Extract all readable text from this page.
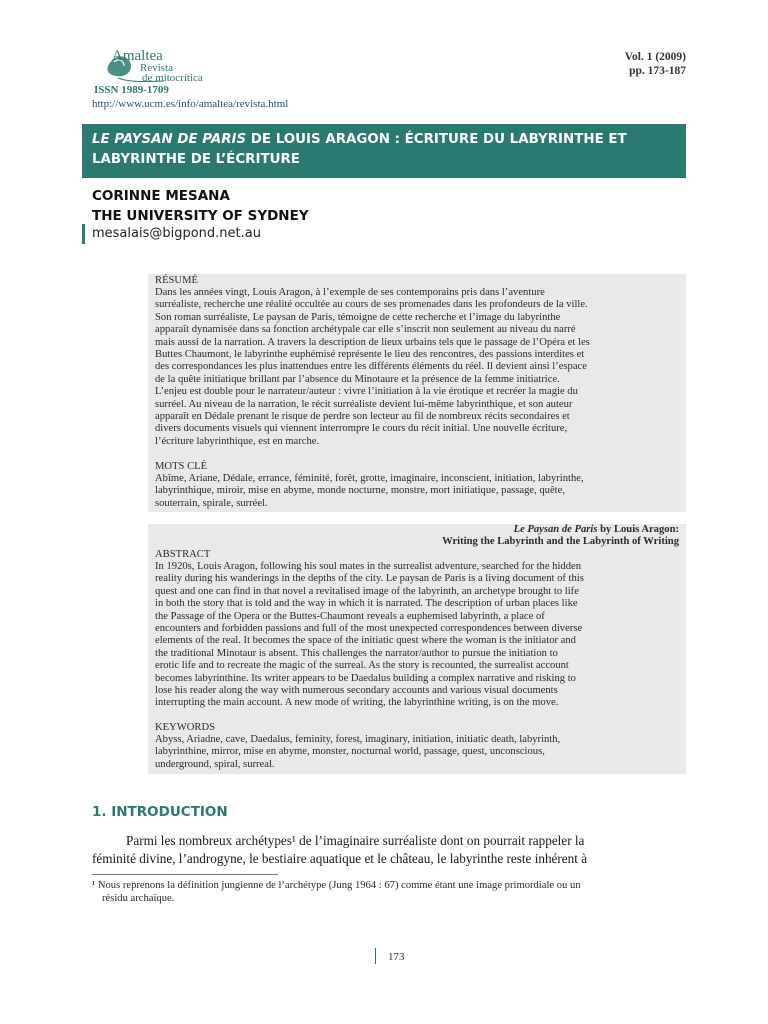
Amaltea
Revista
de mitocrítica
ISSN 1989-1709
http://www.ucm.es/info/amaltea/revista.html
Vol. 1 (2009)
pp. 173-187
LE PAYSAN DE PARIS DE LOUIS ARAGON : ÉCRITURE DU LABYRINTHE ET
LABYRINTHE DE L’ÉCRITURE
CORINNE MESANA
THE UNIVERSITY OF SYDNEY
mesalais@bigpond.net.au
RÉSUMÉ
Dans les années vingt, Louis Aragon, à l’exemple de ses contemporains pris dans l’aventure
surréaliste, recherche une réalité occultée au cours de ses promenades dans les profondeurs de la ville.
Son roman surréaliste, Le paysan de Paris, témoigne de cette recherche et l’image du labyrinthe
apparaît dynamisée dans sa fonction archétypale car elle s’inscrit non seulement au niveau du narré
mais aussi de la narration. A travers la description de lieux urbains tels que le passage de l’Opéra et les
Buttes Chaumont, le labyrinthe euphémisé représente le lieu des rencontres, des passions interdites et
des correspondances les plus inattendues entre les différents éléments du réel. Il devient ainsi l’espace
de la quête initiatique brillant par l’absence du Minotaure et la présence de la femme initiatrice.
L’enjeu est double pour le narrateur/auteur : vivre l’initiation à la vie érotique et recréer la magie du
surréel. Au niveau de la narration, le récit surréaliste devient lui-même labyrinthique, et son auteur
apparaît en Dédale prenant le risque de perdre son lecteur au fil de nombreux récits secondaires et
divers documents visuels qui viennent interrompre le cours du récit initial. Une nouvelle écriture,
l’écriture labyrinthique, est en marche.
MOTS CLÉ
Abîme, Ariane, Dédale, errance, féminité, forêt, grotte, imaginaire, inconscient, initiation, labyrinthe,
labyrinthique, miroir, mise en abyme, monde nocturne, monstre, mort initiatique, passage, quête,
souterrain, spirale, surréel.
Le Paysan de Paris by Louis Aragon:
Writing the Labyrinth and the Labyrinth of Writing
ABSTRACT
In 1920s, Louis Aragon, following his soul mates in the surrealist adventure, searched for the hidden
reality during his wanderings in the depths of the city. Le paysan de Paris is a living document of this
quest and one can find in that novel a revitalised image of the labyrinth, an archetype brought to life
in both the story that is told and the way in which it is narrated. The description of urban places like
the Passage of the Opera or the Buttes-Chaumont reveals a euphemised labyrinth, a place of
encounters and forbidden passions and full of the most unexpected correspondences between diverse
elements of the real. It becomes the space of the initiatic quest where the woman is the initiator and
the traditional Minotaur is absent. This challenges the narrator/author to pursue the initiation to
erotic life and to recreate the magic of the surreal. As the story is recounted, the surrealist account
becomes labyrinthine. Its writer appears to be Daedalus building a complex narrative and risking to
lose his reader along the way with numerous secondary accounts and various visual documents
interrupting the main account. A new mode of writing, the labyrinthine writing, is on the move.
KEYWORDS
Abyss, Ariadne, cave, Daedalus, feminity, forest, imaginary, initiation, initiatic death, labyrinth,
labyrinthine, mirror, mise en abyme, monster, nocturnal world, passage, quest, unconscious,
underground, spiral, surreal.
1. INTRODUCTION
Parmi les nombreux archétypes¹ de l’imaginaire surréaliste dont on pourrait rappeler la
féminité divine, l’androgyne, le bestiaire aquatique et le château, le labyrinthe reste inhérent à
¹ Nous reprenons la définition jungienne de l’archétype (Jung 1964 : 67) comme étant une image primordiale ou un
résidu archaïque.
173
